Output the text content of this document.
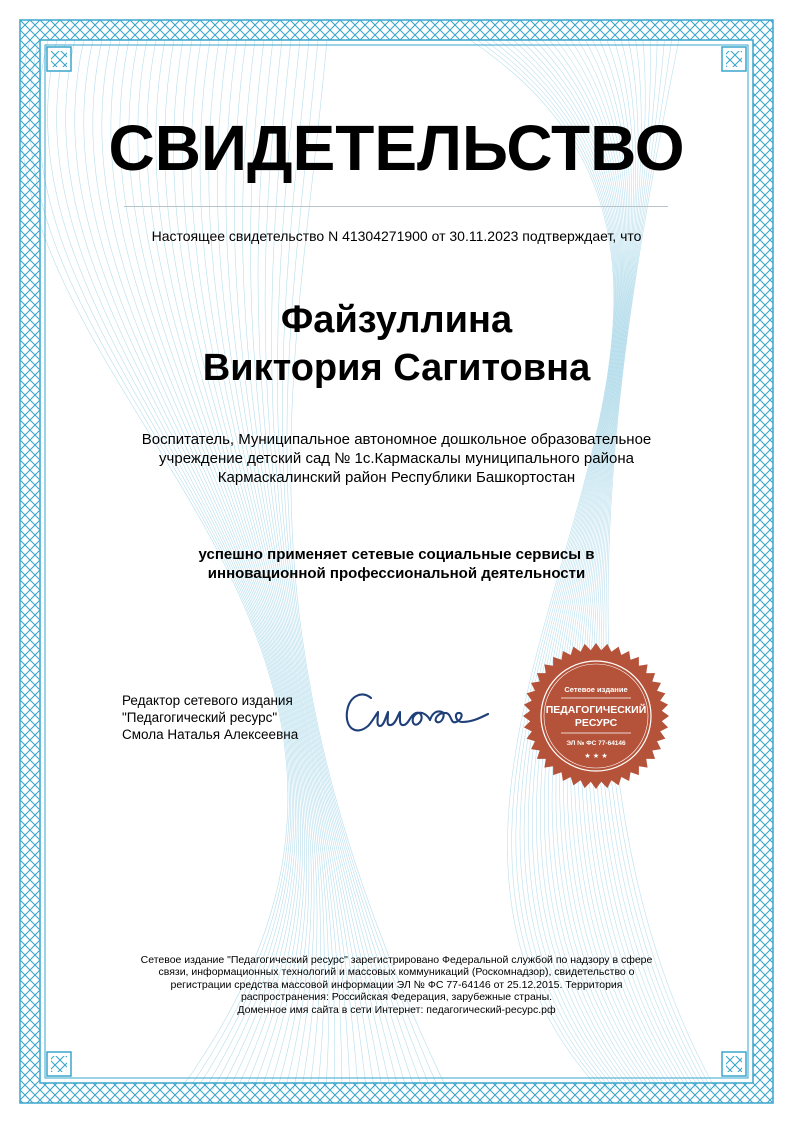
СВИДЕТЕЛЬСТВО
Настоящее свидетельство N 41304271900 от 30.11.2023 подтверждает, что
Файзуллина
Виктория Сагитовна
Воспитатель, Муниципальное автономное дошкольное образовательное
учреждение детский сад № 1с.Кармаскалы муниципального района
Кармаскалинский район Республики Башкортостан
успешно применяет сетевые социальные сервисы в
инновационной профессиональной деятельности
Редактор сетевого издания
"Педагогический ресурс"
Смола Наталья Алексеевна
Сетевое издание
ПЕДАГОГИЧЕСКИЙ
РЕСУРС
ЭЛ № ФС 77-64146
★ ★ ★
Сетевое издание "Педагогический ресурс" зарегистрировано Федеральной службой по надзору в сфере
связи, информационных технологий и массовых коммуникаций (Роскомнадзор), свидетельство о
регистрации средства массовой информации ЭЛ № ФС 77-64146 от 25.12.2015. Территория
распространения: Российская Федерация, зарубежные страны.
Доменное имя сайта в сети Интернет: педагогический-ресурс.рф
